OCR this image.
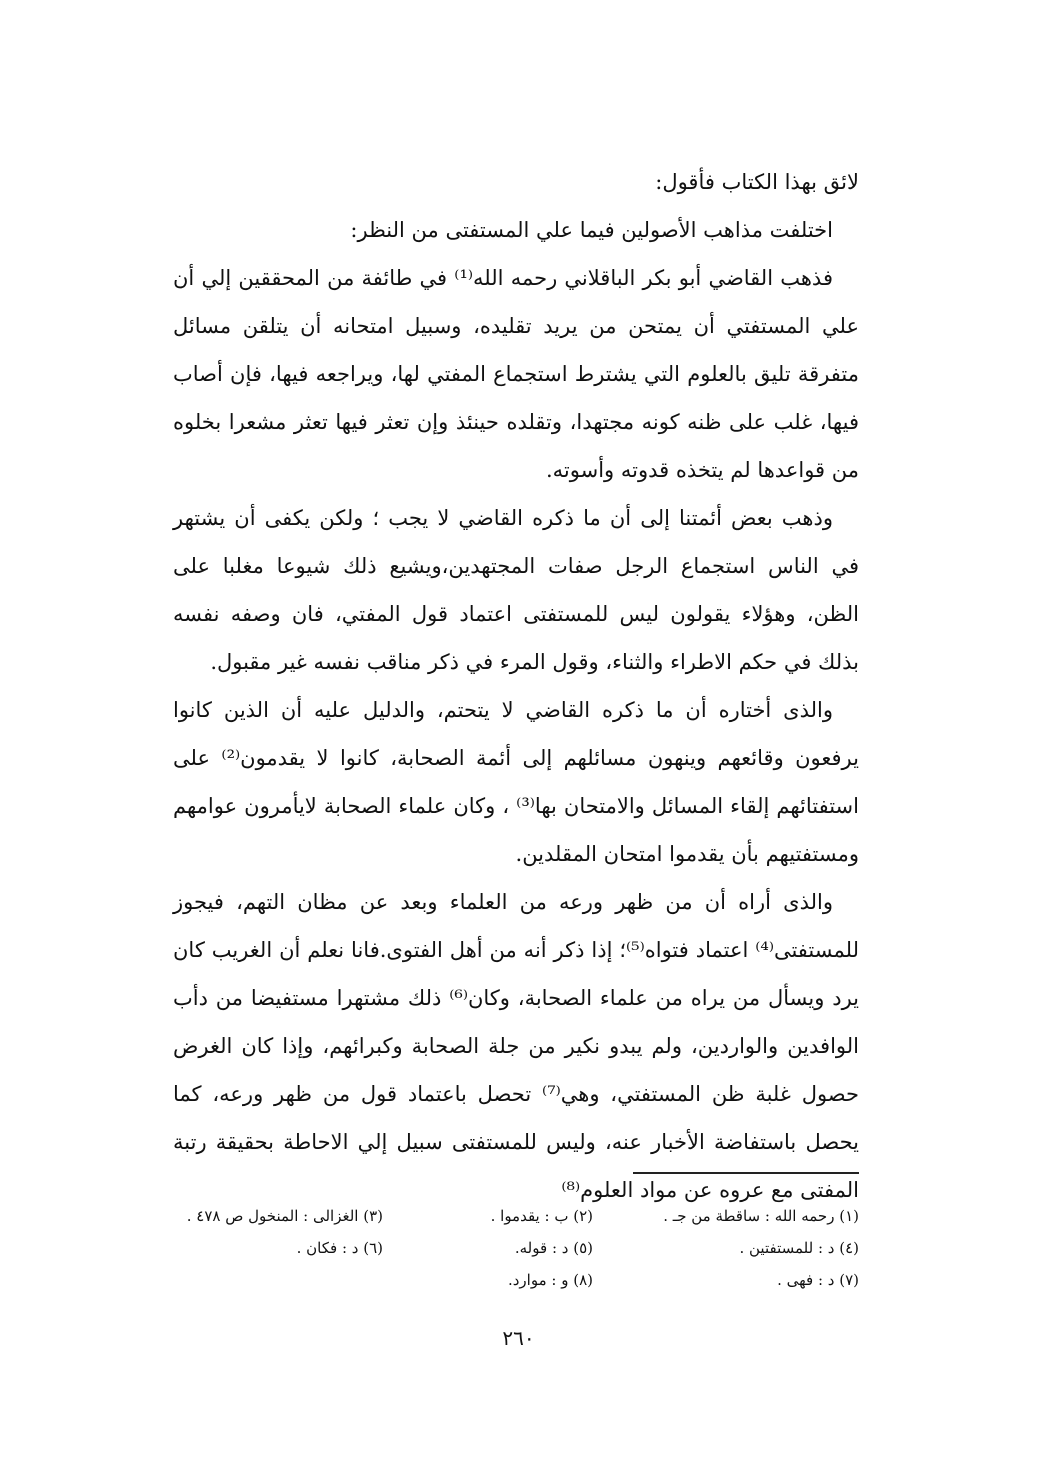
لائق بهذا الكتاب فأقول:

اختلفت مذاهب الأصولين فيما علي المستفتى من النظر:

فذهب القاضي أبو بكر الباقلاني رحمه الله⁽¹⁾ في طائفة من المحققين إلي أن علي المستفتي أن يمتحن من يريد تقليده، وسبيل امتحانه أن يتلقن مسائل متفرقة تليق بالعلوم التي يشترط استجماع المفتي لها، ويراجعه فيها، فإن أصاب فيها، غلب على ظنه كونه مجتهدا، وتقلده حينئذ وإن تعثر فيها تعثر مشعرا بخلوه من قواعدها لم يتخذه قدوته وأسوته.

وذهب بعض أئمتنا إلى أن ما ذكره القاضي لا يجب ؛ ولكن يكفى أن يشتهر في الناس استجماع الرجل صفات المجتهدين،ويشيع ذلك شيوعا مغلبا على الظن، وهؤلاء يقولون ليس للمستفتى اعتماد قول المفتي، فان وصفه نفسه بذلك في حكم الاطراء والثناء، وقول المرء في ذكر مناقب نفسه غير مقبول.

والذى أختاره أن ما ذكره القاضي لا يتحتم، والدليل عليه أن الذين كانوا يرفعون وقائعهم وينهون مسائلهم إلى أئمة الصحابة، كانوا لا يقدمون⁽²⁾ على استفتائهم إلقاء المسائل والامتحان بها⁽³⁾ ، وكان علماء الصحابة لايأمرون عوامهم ومستفتيهم بأن يقدموا امتحان المقلدين.

والذى أراه أن من ظهر ورعه من العلماء وبعد عن مظان التهم، فيجوز للمستفتى⁽⁴⁾ اعتماد فتواه⁽⁵⁾؛ إذا ذكر أنه من أهل الفتوى.فانا نعلم أن الغريب كان يرد ويسأل من يراه من علماء الصحابة، وكان⁽⁶⁾ ذلك مشتهرا مستفيضا من دأب الوافدين والواردين، ولم يبدو نكير من جلة الصحابة وكبرائهم، وإذا كان الغرض حصول غلبة ظن المستفتي، وهي⁽⁷⁾ تحصل باعتماد قول من ظهر ورعه، كما يحصل باستفاضة الأخبار عنه، وليس للمستفتى سبيل إلي الاحاطة بحقيقة رتبة المفتى مع عروه عن مواد العلوم⁽⁸⁾

(١) رحمه الله : ساقطة من جـ .
(٢) ب : يقدموا .
(٣) الغزالى : المنخول ص ٤٧٨ .
(٤) د : للمستفتين .
(٥) د : قوله.
(٦) د : فكان .
(٧) د : فهى .
(٨) و : موارد.
٢٦٠
